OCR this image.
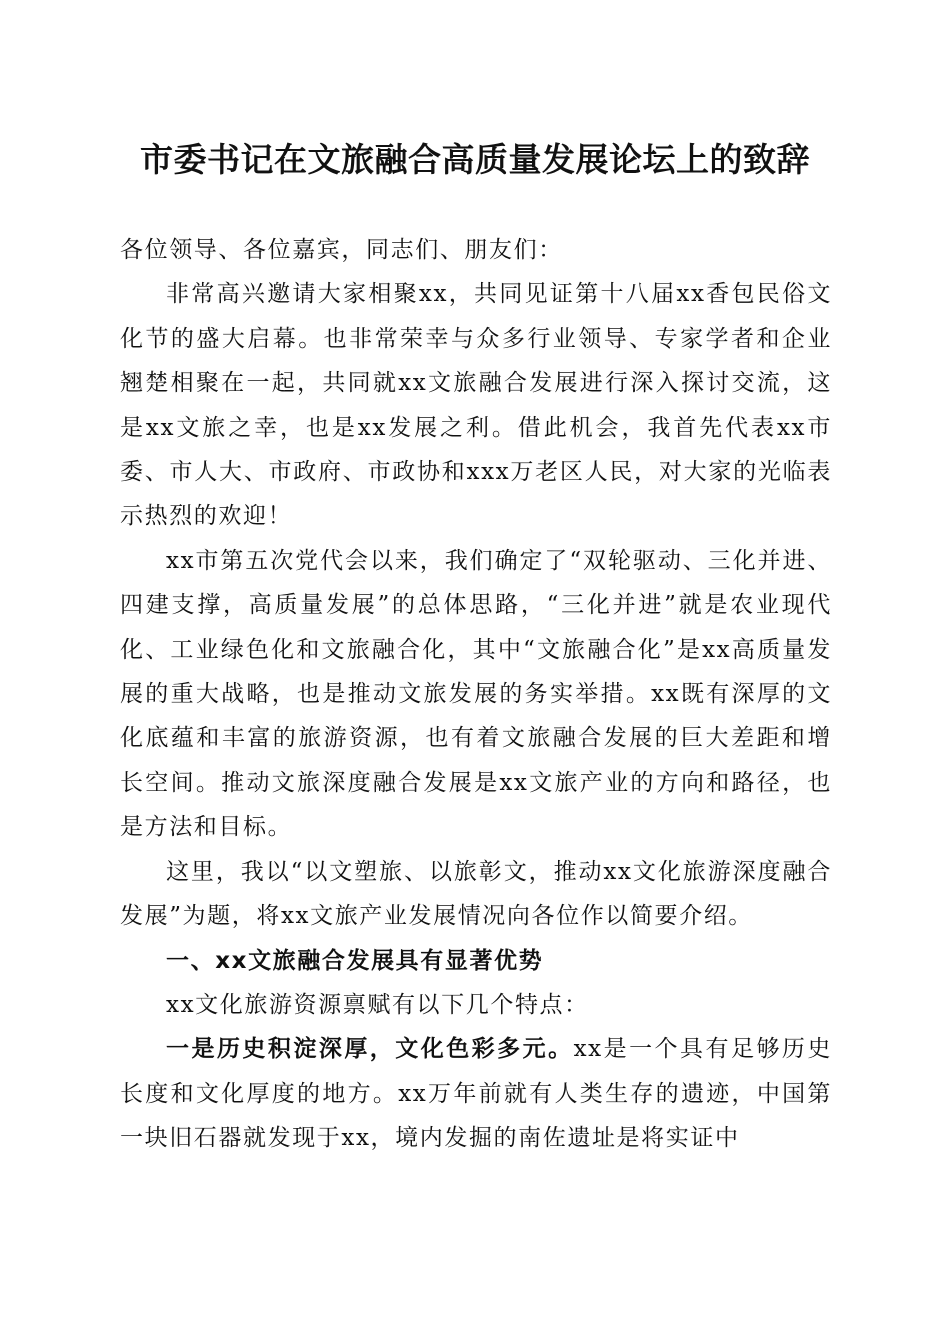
市委书记在文旅融合高质量发展论坛上的致辞

各位领导、各位嘉宾，同志们、朋友们：

非常高兴邀请大家相聚xx，共同见证第十八届xx香包民俗文化节的盛大启幕。也非常荣幸与众多行业领导、专家学者和企业翘楚相聚在一起，共同就xx文旅融合发展进行深入探讨交流，这是xx文旅之幸，也是xx发展之利。借此机会，我首先代表xx市委、市人大、市政府、市政协和xxx万老区人民，对大家的光临表示热烈的欢迎！

xx市第五次党代会以来，我们确定了“双轮驱动、三化并进、四建支撑，高质量发展”的总体思路，“三化并进”就是农业现代化、工业绿色化和文旅融合化，其中“文旅融合化”是xx高质量发展的重大战略，也是推动文旅发展的务实举措。xx既有深厚的文化底蕴和丰富的旅游资源，也有着文旅融合发展的巨大差距和增长空间。推动文旅深度融合发展是xx文旅产业的方向和路径，也是方法和目标。

这里，我以“以文塑旅、以旅彰文，推动xx文化旅游深度融合发展”为题，将xx文旅产业发展情况向各位作以简要介绍。

一、xx文旅融合发展具有显著优势

xx文化旅游资源禀赋有以下几个特点：

一是历史积淀深厚，文化色彩多元。xx是一个具有足够历史长度和文化厚度的地方。xx万年前就有人类生存的遗迹，中国第一块旧石器就发现于xx，境内发掘的南佐遗址是将实证中
